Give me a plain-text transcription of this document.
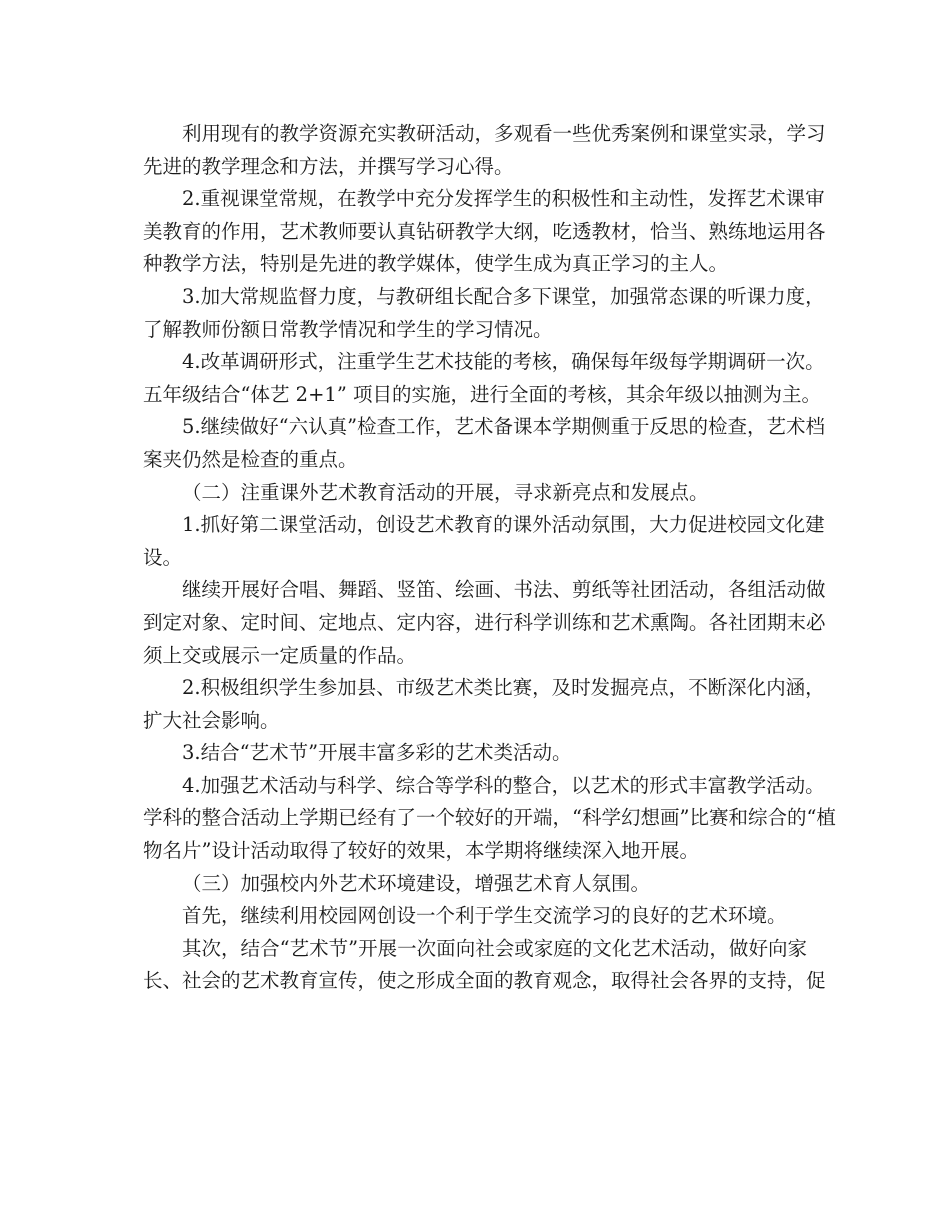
利用现有的教学资源充实教研活动，多观看一些优秀案例和课堂实录，学习
先进的教学理念和方法，并撰写学习心得。
2.重视课堂常规，在教学中充分发挥学生的积极性和主动性，发挥艺术课审
美教育的作用，艺术教师要认真钻研教学大纲，吃透教材，恰当、熟练地运用各
种教学方法，特别是先进的教学媒体，使学生成为真正学习的主人。
3.加大常规监督力度，与教研组长配合多下课堂，加强常态课的听课力度，
了解教师份额日常教学情况和学生的学习情况。
4.改革调研形式，注重学生艺术技能的考核，确保每年级每学期调研一次。
五年级结合“体艺 2+1” 项目的实施，进行全面的考核，其余年级以抽测为主。
5.继续做好“六认真”检查工作，艺术备课本学期侧重于反思的检查，艺术档
案夹仍然是检查的重点。
（二）注重课外艺术教育活动的开展，寻求新亮点和发展点。
1.抓好第二课堂活动，创设艺术教育的课外活动氛围，大力促进校园文化建
设。
继续开展好合唱、舞蹈、竖笛、绘画、书法、剪纸等社团活动，各组活动做
到定对象、定时间、定地点、定内容，进行科学训练和艺术熏陶。各社团期末必
须上交或展示一定质量的作品。
2.积极组织学生参加县、市级艺术类比赛，及时发掘亮点，不断深化内涵，
扩大社会影响。
3.结合“艺术节”开展丰富多彩的艺术类活动。
4.加强艺术活动与科学、综合等学科的整合，以艺术的形式丰富教学活动。
学科的整合活动上学期已经有了一个较好的开端，“科学幻想画”比赛和综合的“植
物名片”设计活动取得了较好的效果，本学期将继续深入地开展。
（三）加强校内外艺术环境建设，增强艺术育人氛围。
首先，继续利用校园网创设一个利于学生交流学习的良好的艺术环境。
其次，结合“艺术节”开展一次面向社会或家庭的文化艺术活动，做好向家
长、社会的艺术教育宣传，使之形成全面的教育观念，取得社会各界的支持，促
